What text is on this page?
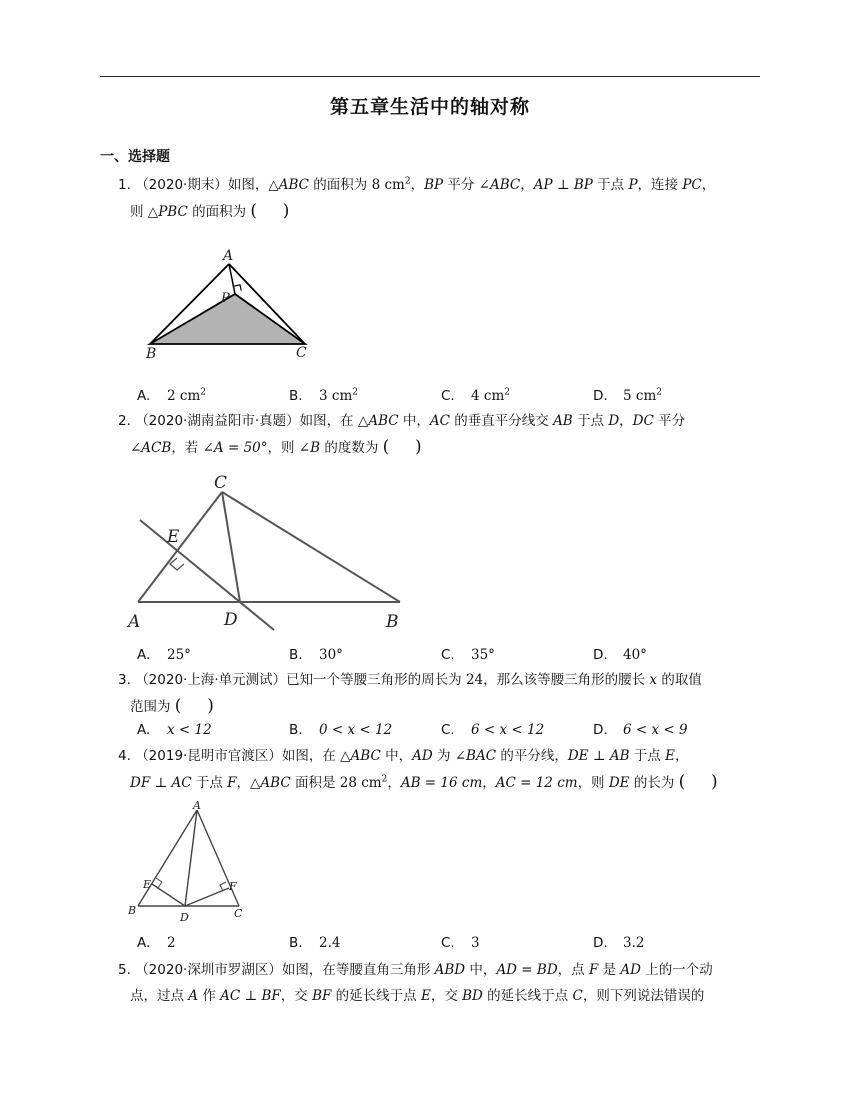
第五章生活中的轴对称
一、选择题
1. （2020·期末）如图，△ABC 的面积为 8 $cm^2$，BP 平分 ∠ABC，AP ⊥ BP 于点 P，连接 PC，
则 △PBC 的面积为 ( )
A
P
B	C
A. 2 $cm^2$	B. 3 $cm^2$	C. 4 $cm^2$	D. 5 $cm^2$
2. （2020·湖南益阳市·真题）如图，在 △ABC 中，AC 的垂直平分线交 AB 于点 D，DC 平分
∠ACB，若 ∠A = 50°，则 ∠B 的度数为 ( )
C
E
A	D	B
A. 25°	B. 30°	C. 35°	D. 40°
3. （2020·上海·单元测试）已知一个等腰三角形的周长为 24，那么该等腰三角形的腰长 x 的取值
范围为 ( )
A. x < 12	B. 0 < x < 12	C. 6 < x < 12	D. 6 < x < 9
4. （2019·昆明市官渡区）如图，在 △ABC 中，AD 为 ∠BAC 的平分线，DE ⊥ AB 于点 E，
DF ⊥ AC 于点 F，△ABC 面积是 28 $cm^2$，AB = 16 cm，AC = 12 cm，则 DE 的长为 ( )
A
E	F
B
D	C
A. 2	B. 2.4	C. 3	D. 3.2
5. （2020·深圳市罗湖区）如图，在等腰直角三角形 ABD 中，AD = BD，点 F 是 AD 上的一个动
点，过点 A 作 AC ⊥ BF，交 BF 的延长线于点 E，交 BD 的延长线于点 C，则下列说法错误的
